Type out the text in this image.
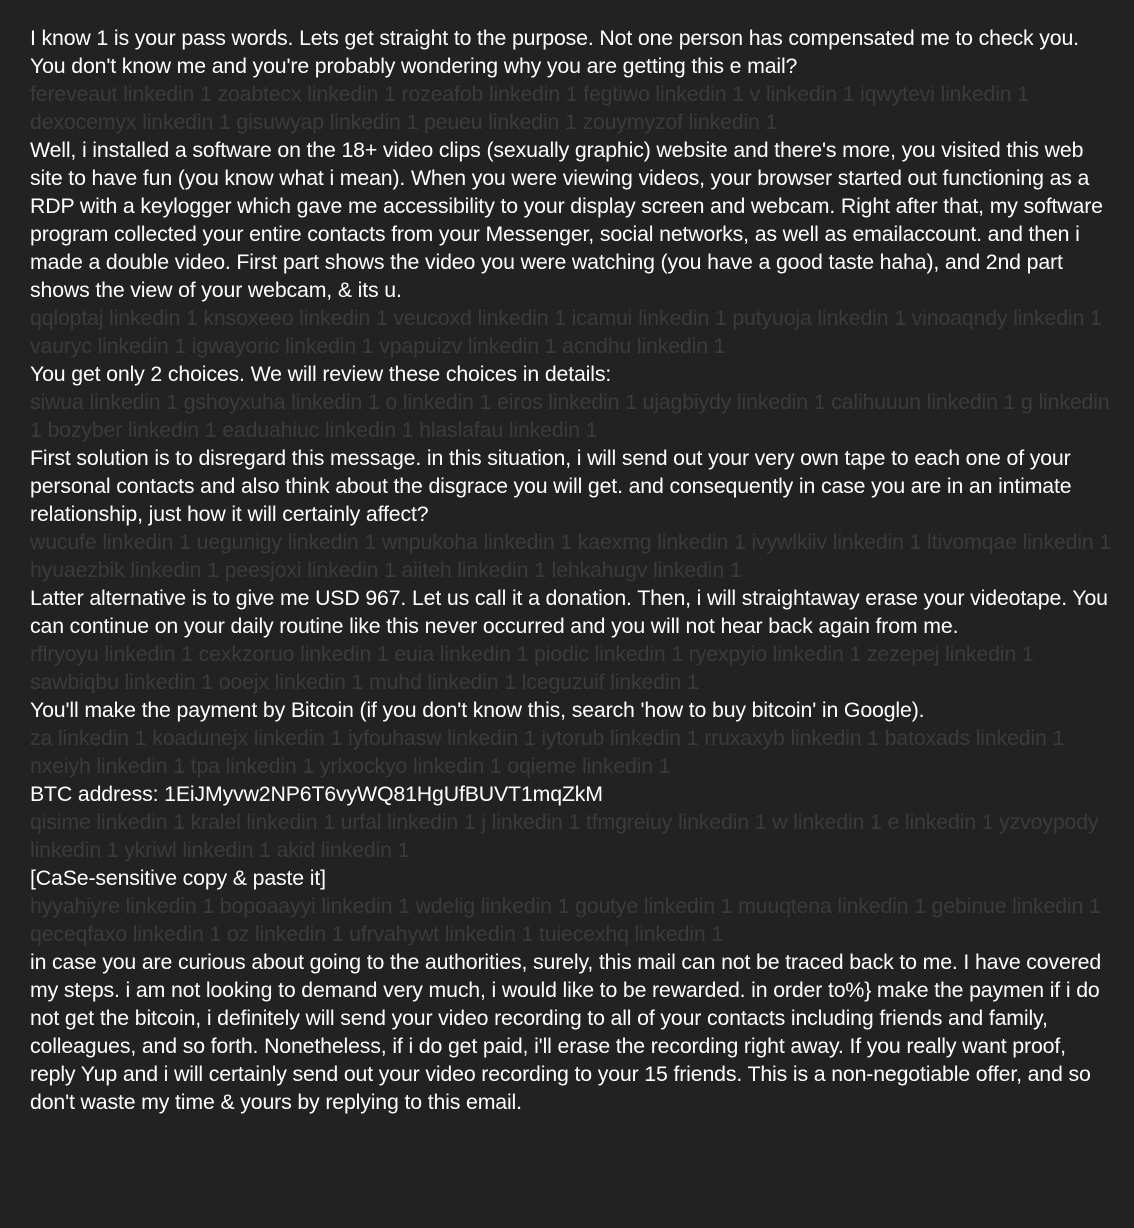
I know 1 is your pass words. Lets get straight to the purpose. Not one person has compensated me to check you. You don't know me and you're probably wondering why you are getting this e mail?

fereveaut linkedin 1 zoabtecx linkedin 1 rozeafob linkedin 1 fegtiwo linkedin 1 v linkedin 1 iqwytevi linkedin 1 dexocemyx linkedin 1 gisuwyap linkedin 1 peueu linkedin 1 zouymyzof linkedin 1

Well, i installed a software on the 18+ video clips (sexually graphic) website and there's more, you visited this web site to have fun (you know what i mean). When you were viewing videos, your browser started out functioning as a RDP with a keylogger which gave me accessibility to your display screen and webcam. Right after that, my software program collected your entire contacts from your Messenger, social networks, as well as emailaccount. and then i made a double video. First part shows the video you were watching (you have a good taste haha), and 2nd part shows the view of your webcam, & its u.

qqloptaj linkedin 1 knsoxeeo linkedin 1 veucoxd linkedin 1 icamui linkedin 1 putyuoja linkedin 1 vinoaqndy linkedin 1 vauryc linkedin 1 igwayoric linkedin 1 vpapuizv linkedin 1 acndhu linkedin 1

You get only 2 choices. We will review these choices in details:

siwua linkedin 1 gshoyxuha linkedin 1 o linkedin 1 eiros linkedin 1 ujagbiydy linkedin 1 calihuuun linkedin 1 g linkedin 1 bozyber linkedin 1 eaduahiuc linkedin 1 hlaslafau linkedin 1

First solution is to disregard this message. in this situation, i will send out your very own tape to each one of your personal contacts and also think about the disgrace you will get. and consequently in case you are in an intimate relationship, just how it will certainly affect?

wucufe linkedin 1 uegunigy linkedin 1 wnpukoha linkedin 1 kaexmg linkedin 1 ivywlkiiv linkedin 1 ltivomqae linkedin 1 hyuaezbik linkedin 1 peesjoxi linkedin 1 aiiteh linkedin 1 lehkahugv linkedin 1

Latter alternative is to give me USD 967. Let us call it a donation. Then, i will straightaway erase your videotape. You can continue on your daily routine like this never occurred and you will not hear back again from me.

rflryoyu linkedin 1 cexkzoruo linkedin 1 euia linkedin 1 piodic linkedin 1 ryexpyio linkedin 1 zezepej linkedin 1 sawbiqbu linkedin 1 ooejx linkedin 1 muhd linkedin 1 lceguzuif linkedin 1

You'll make the payment by Bitcoin (if you don't know this, search 'how to buy bitcoin' in Google).

za linkedin 1 koadunejx linkedin 1 iyfouhasw linkedin 1 iytorub linkedin 1 rruxaxyb linkedin 1 batoxads linkedin 1 nxeiyh linkedin 1 tpa linkedin 1 yrlxockyo linkedin 1 oqieme linkedin 1

BTC address: 1EiJMyvw2NP6T6vyWQ81HgUfBUVT1mqZkM

qisime linkedin 1 kralel linkedin 1 urfal linkedin 1 j linkedin 1 tfmgreiuy linkedin 1 w linkedin 1 e linkedin 1 yzvoypody linkedin 1 ykriwl linkedin 1 akid linkedin 1

[CaSe-sensitive copy & paste it]

hyyahiyre linkedin 1 bopoaayyi linkedin 1 wdelig linkedin 1 goutye linkedin 1 muuqtena linkedin 1 gebinue linkedin 1 qeceqfaxo linkedin 1 oz linkedin 1 ufrvahywt linkedin 1 tuiecexhq linkedin 1

in case you are curious about going to the authorities, surely, this mail can not be traced back to me. I have covered my steps. i am not looking to demand very much, i would like to be rewarded. in order to%} make the paymen if i do not get the bitcoin, i definitely will send your video recording to all of your contacts including friends and family, colleagues, and so forth. Nonetheless, if i do get paid, i'll erase the recording right away. If you really want proof, reply Yup and i will certainly send out your video recording to your 15 friends. This is a non-negotiable offer, and so don't waste my time & yours by replying to this email.
